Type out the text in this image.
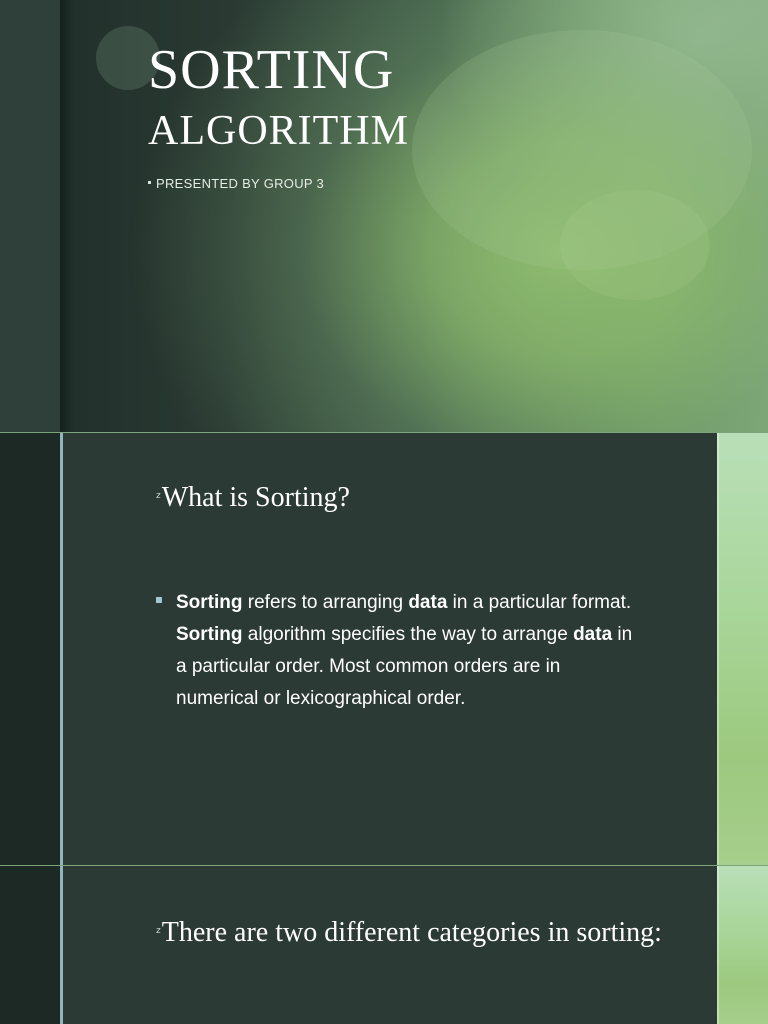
SORTING
ALGORITHM
PRESENTED BY GROUP 3
$^z$What is Sorting?
Sorting refers to arranging data in a particular format. Sorting algorithm specifies the way to arrange data in a particular order. Most common orders are in numerical or lexicographical order.
$^z$There are two different categories in sorting:
